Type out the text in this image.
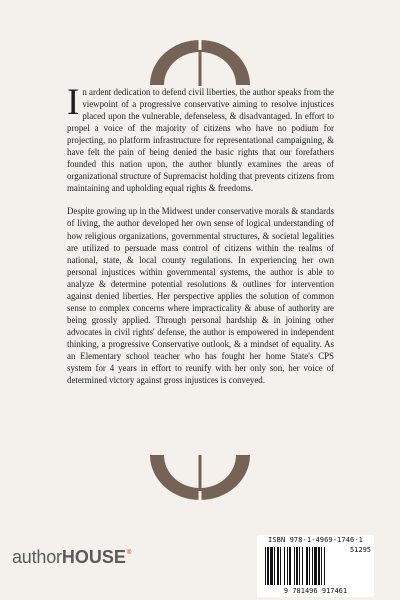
In ardent dedication to defend civil liberties, the author speaks from the viewpoint of a progressive conservative aiming to resolve injustices placed upon the vulnerable, defenseless, & disadvantaged. In effort to propel a voice of the majority of citizens who have no podium for projecting, no platform infrastructure for representational campaigning, & have felt the pain of being denied the basic rights that our forefathers founded this nation upon, the author bluntly examines the areas of organizational structure of Supremacist holding that prevents citizens from maintaining and upholding equal rights & freedoms.

Despite growing up in the Midwest under conservative morals & standards of living, the author developed her own sense of logical understanding of how religious organizations, governmental structures, & societal legalities are utilized to persuade mass control of citizens within the realms of national, state, & local county regulations. In experiencing her own personal injustices within governmental systems, the author is able to analyze & determine potential resolutions & outlines for intervention against denied liberties. Her perspective applies the solution of common sense to complex concerns where impracticality & abuse of authority are being grossly applied. Through personal hardship & in joining other advocates in civil rights' defense, the author is empowered in independent thinking, a progressive Conservative outlook, & a mindset of equality. As an Elementary school teacher who has fought her home State's CPS system for 4 years in effort to reunify with her only son, her voice of determined victory against gross injustices is conveyed.

ISBN 978-1-4969-1746-1
51295
9 781496 917461
authorHOUSE®
